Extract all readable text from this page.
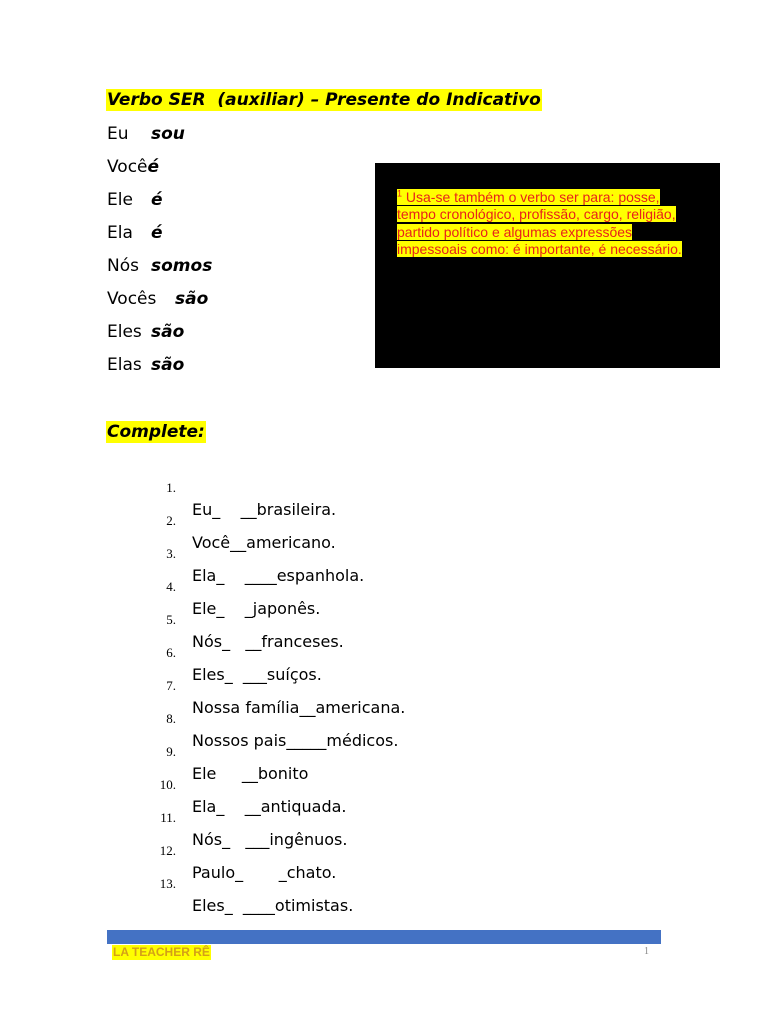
Verbo SER  (auxiliar) – Presente do Indicativo
Eu sou
Vocêé
Ele é
Ela é
Nós somos
Vocês são
Eles são
Elas são
$^1$ Usa-se também o verbo ser para: posse, tempo cronológico, profissão, cargo, religião, partido político e algumas expressões impessoais como: é importante, é necessário.
Complete:

1.

Eu_    __brasileira.

2.

Você__americano.

3.

Ela_    ____espanhola.

4.

Ele_    _japonês.

5.

Nós_   __franceses.

6.

Eles_  ___suíços.

7.

Nossa família__americana.

8.

Nossos pais_____médicos.

9.

Ele     __bonito

10.

Ela_    __antiquada.

11.

Nós_   ___ingênuos.

12.

Paulo_       _chato.

13.

Eles_  ____otimistas.

LA TEACHER RÊ	1
